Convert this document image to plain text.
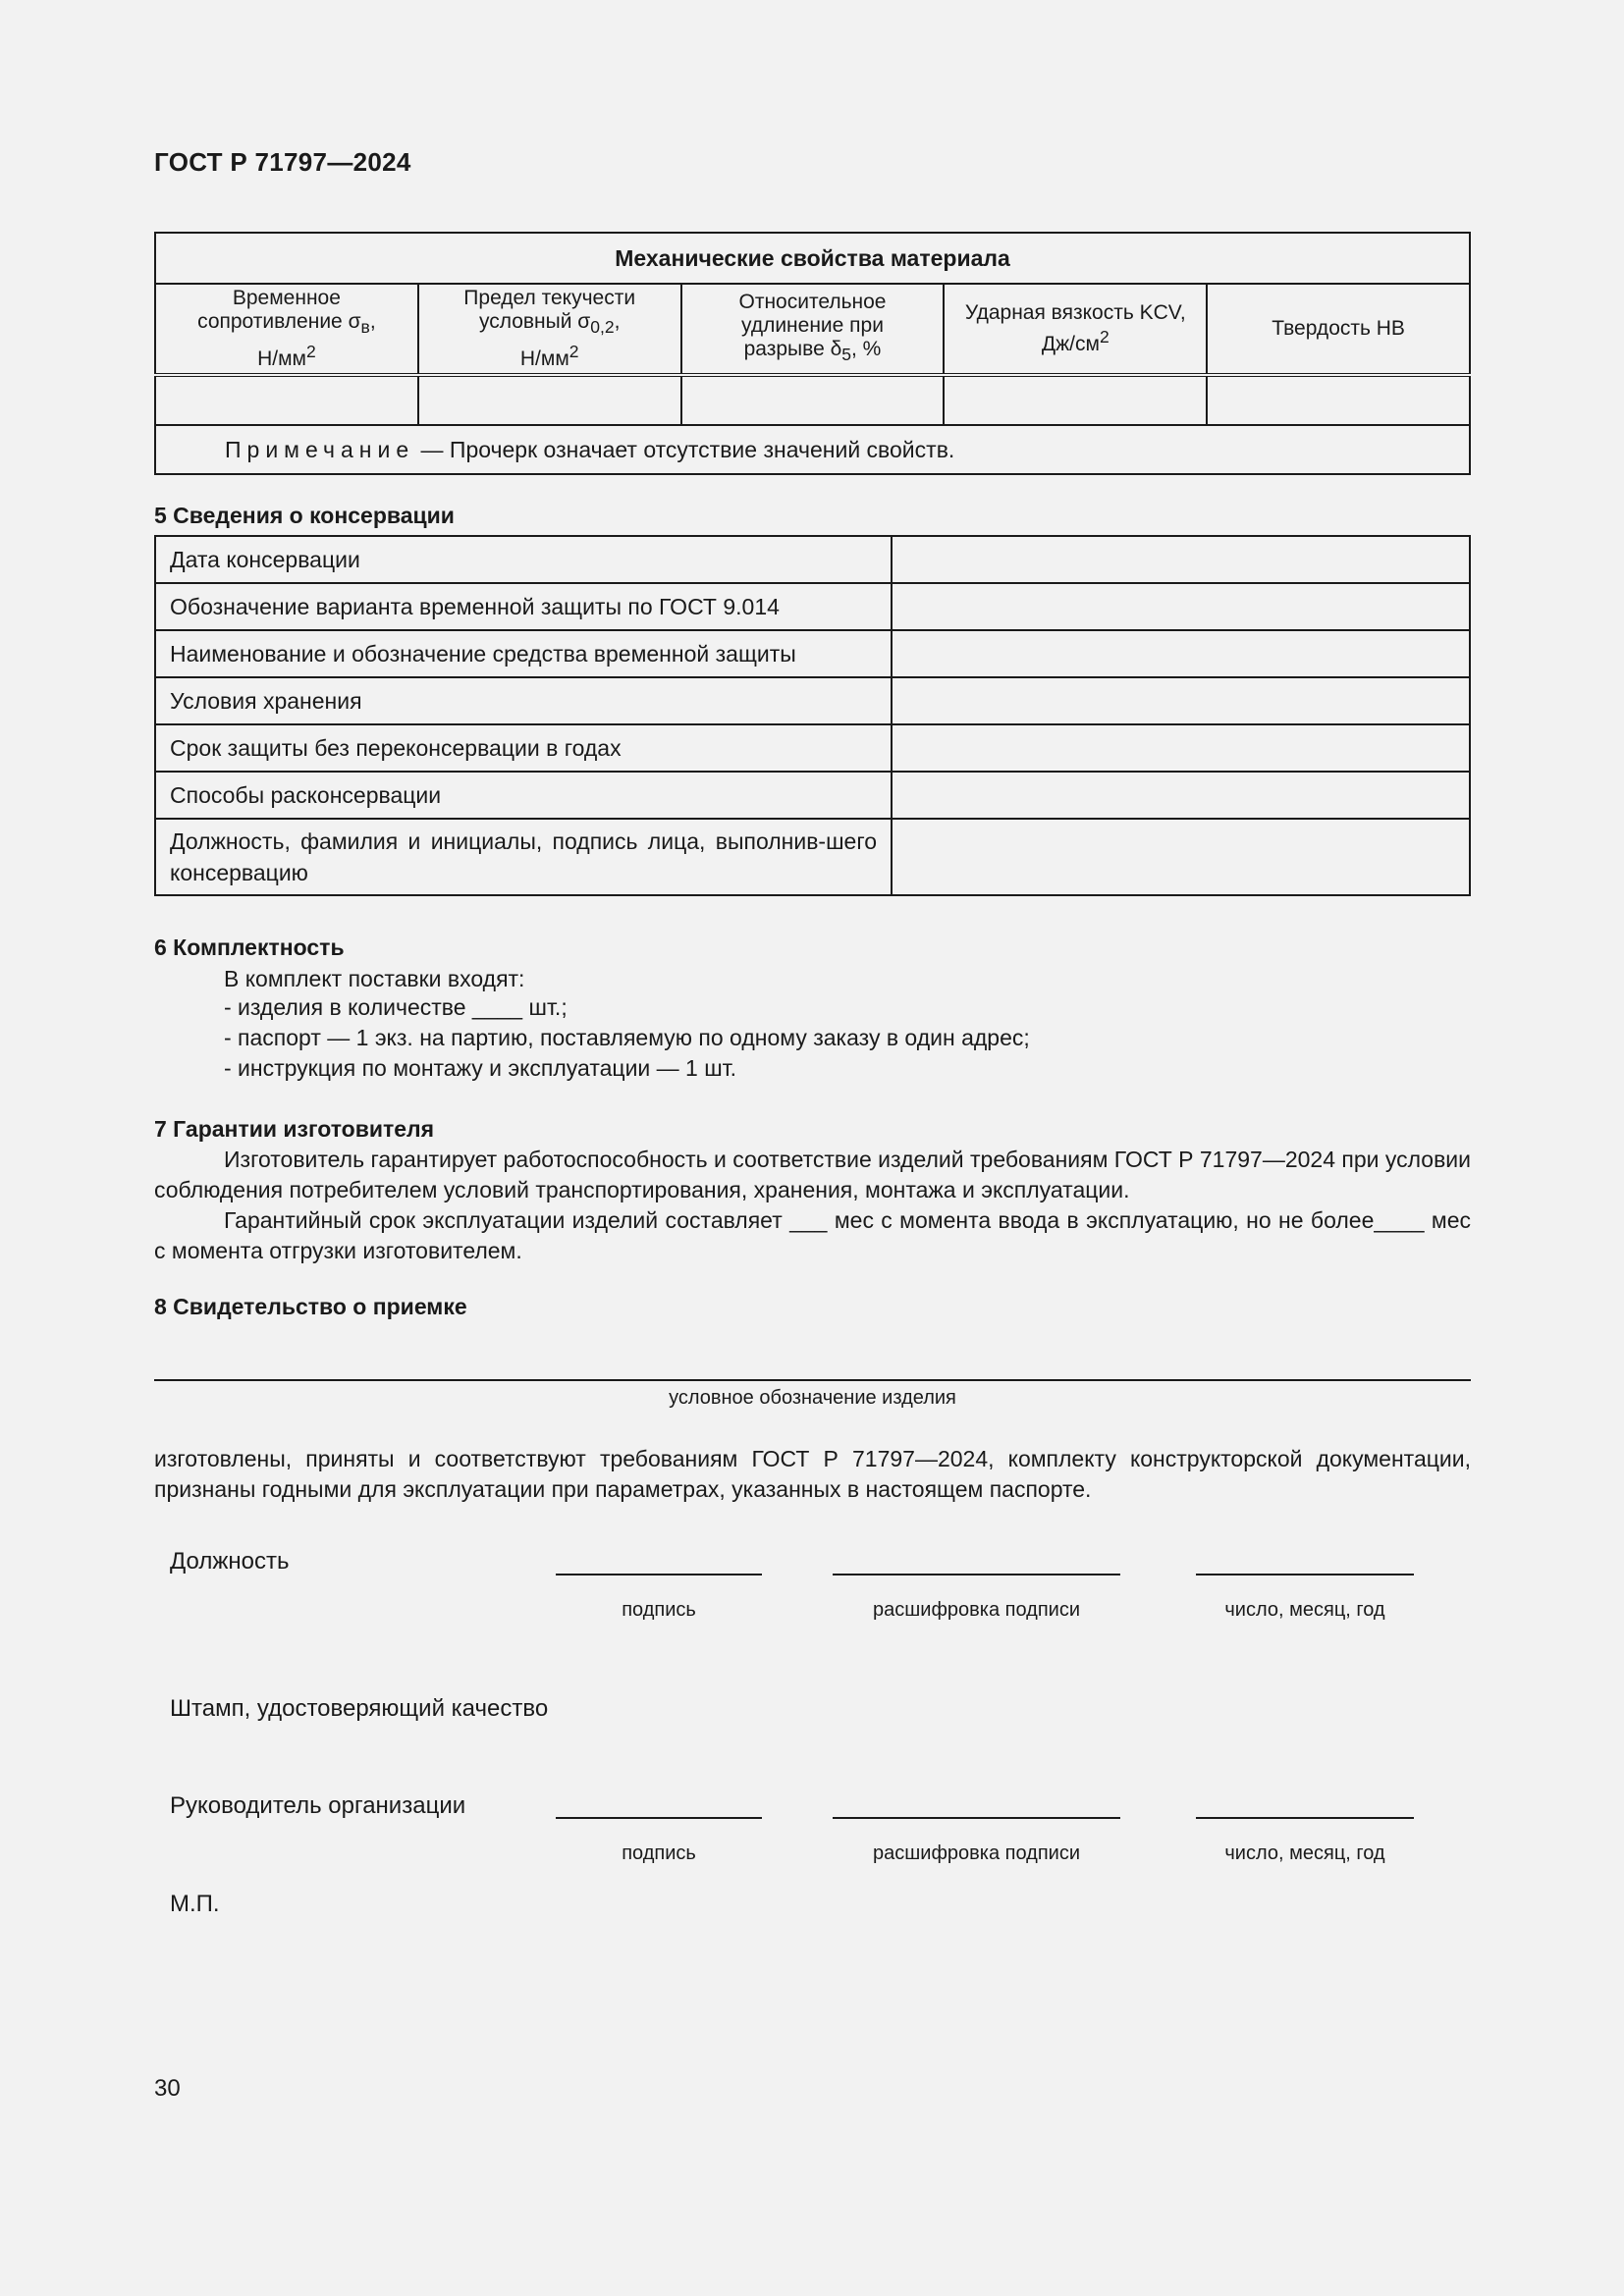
ГОСТ Р 71797—2024
Механические свойства материала				
Временное
сопротивление $\sigma_в$,
$Н/мм^2$	Предел текучести
условный $\sigma_{0,2}$,
$Н/мм^2$	Относительное
удлинение при
разрыве $\delta_5$, %	Ударная вязкость KCV,
$Дж/см^2$	Твердость НВ

Примечание — Прочерк означает отсутствие значений свойств.				
5 Сведения о консервации
Дата консервации	
Обозначение варианта временной защиты по ГОСТ 9.014	
Наименование и обозначение средства временной защиты	
Условия хранения	
Срок защиты без переконсервации в годах	
Способы расконсервации	
Должность, фамилия и инициалы, подпись лица, выполнив-шего консервацию	
6 Комплектность
В комплект поставки входят:
- изделия в количестве ____ шт.;
- паспорт — 1 экз. на партию, поставляемую по одному заказу в один адрес;
- инструкция по монтажу и эксплуатации — 1 шт.
7 Гарантии изготовителя
Изготовитель гарантирует работоспособность и соответствие изделий требованиям ГОСТ Р 71797—2024 при условии соблюдения потребителем условий транспортирования, хранения, монтажа и эксплуатации.
Гарантийный срок эксплуатации изделий составляет ___ мес с момента ввода в эксплуатацию, но не более____ мес с момента отгрузки изготовителем.
8 Свидетельство о приемке
условное обозначение изделия
изготовлены, приняты и соответствуют требованиям ГОСТ Р 71797—2024, комплекту конструкторской документации, признаны годными для эксплуатации при параметрах, указанных в настоящем паспорте.
Должность
подпись	расшифровка подписи	число, месяц, год
Штамп, удостоверяющий качество
Руководитель организации
подпись	расшифровка подписи	число, месяц, год
М.П.
30
